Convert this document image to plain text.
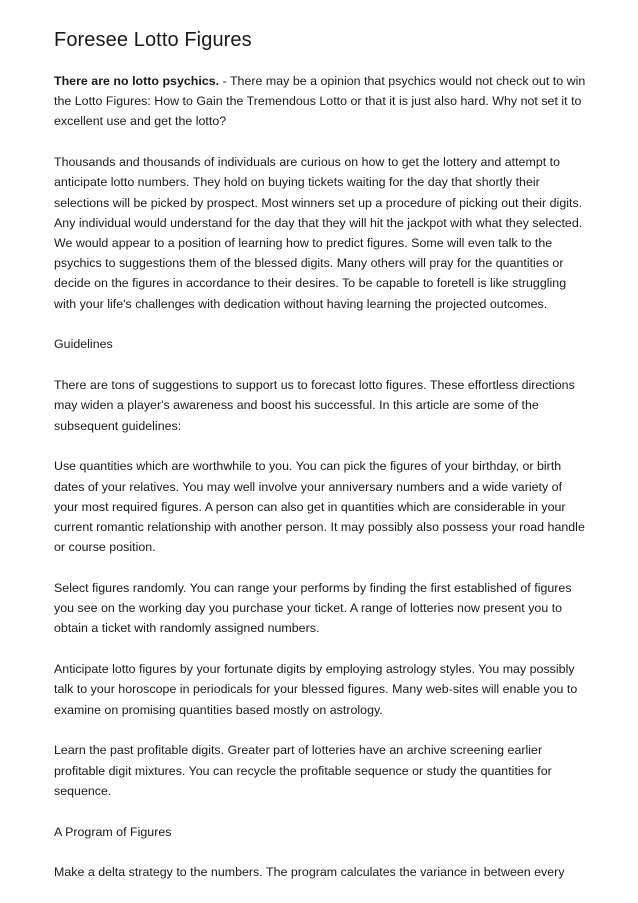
Foresee Lotto Figures

There are no lotto psychics. - There may be a opinion that psychics would not check out to win the Lotto Figures: How to Gain the Tremendous Lotto or that it is just also hard. Why not set it to excellent use and get the lotto?

Thousands and thousands of individuals are curious on how to get the lottery and attempt to anticipate lotto numbers. They hold on buying tickets waiting for the day that shortly their selections will be picked by prospect. Most winners set up a procedure of picking out their digits. Any individual would understand for the day that they will hit the jackpot with what they selected. We would appear to a position of learning how to predict figures. Some will even talk to the psychics to suggestions them of the blessed digits. Many others will pray for the quantities or decide on the figures in accordance to their desires. To be capable to foretell is like struggling with your life's challenges with dedication without having learning the projected outcomes.

Guidelines

There are tons of suggestions to support us to forecast lotto figures. These effortless directions may widen a player's awareness and boost his successful. In this article are some of the subsequent guidelines:

Use quantities which are worthwhile to you. You can pick the figures of your birthday, or birth dates of your relatives. You may well involve your anniversary numbers and a wide variety of your most required figures. A person can also get in quantities which are considerable in your current romantic relationship with another person. It may possibly also possess your road handle or course position.

Select figures randomly. You can range your performs by finding the first established of figures you see on the working day you purchase your ticket. A range of lotteries now present you to obtain a ticket with randomly assigned numbers.

Anticipate lotto figures by your fortunate digits by employing astrology styles. You may possibly talk to your horoscope in periodicals for your blessed figures. Many web-sites will enable you to examine on promising quantities based mostly on astrology.

Learn the past profitable digits. Greater part of lotteries have an archive screening earlier profitable digit mixtures. You can recycle the profitable sequence or study the quantities for sequence.

A Program of Figures

Make a delta strategy to the numbers. The program calculates the variance in between every
